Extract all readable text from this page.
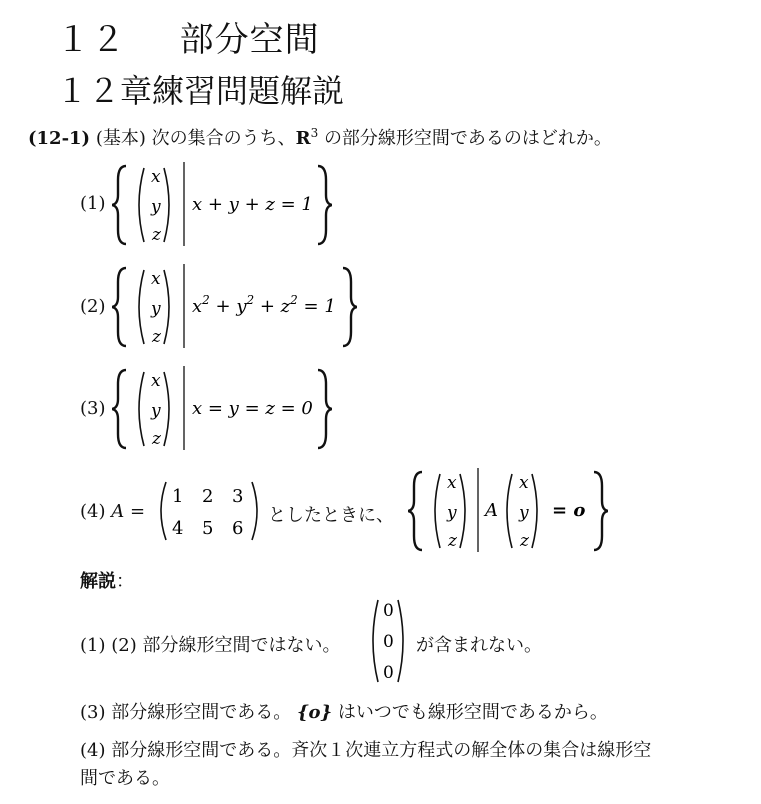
１２ 部分空間
１２章練習問題解説
(12-1) (基本) 次の集合のうち、$R^3$ の部分線形空間であるのはどれか。
(1)
x
y
z
x + y + z = 1
(2)
x
y
z
$x^2 + y^2 + z^2 = 1$
(3)
x
y
z
x = y = z = 0
(4) A =
1 2 3
4 5 6
としたときに、
x
y
z
A
x
y
z
= o
解説：
(1) (2) 部分線形空間ではない。
0
0
0
が含まれない。
(3) 部分線形空間である。 {o} はいつでも線形空間であるから。
(4) 部分線形空間である。斉次１次連立方程式の解全体の集合は線形空
間である。
